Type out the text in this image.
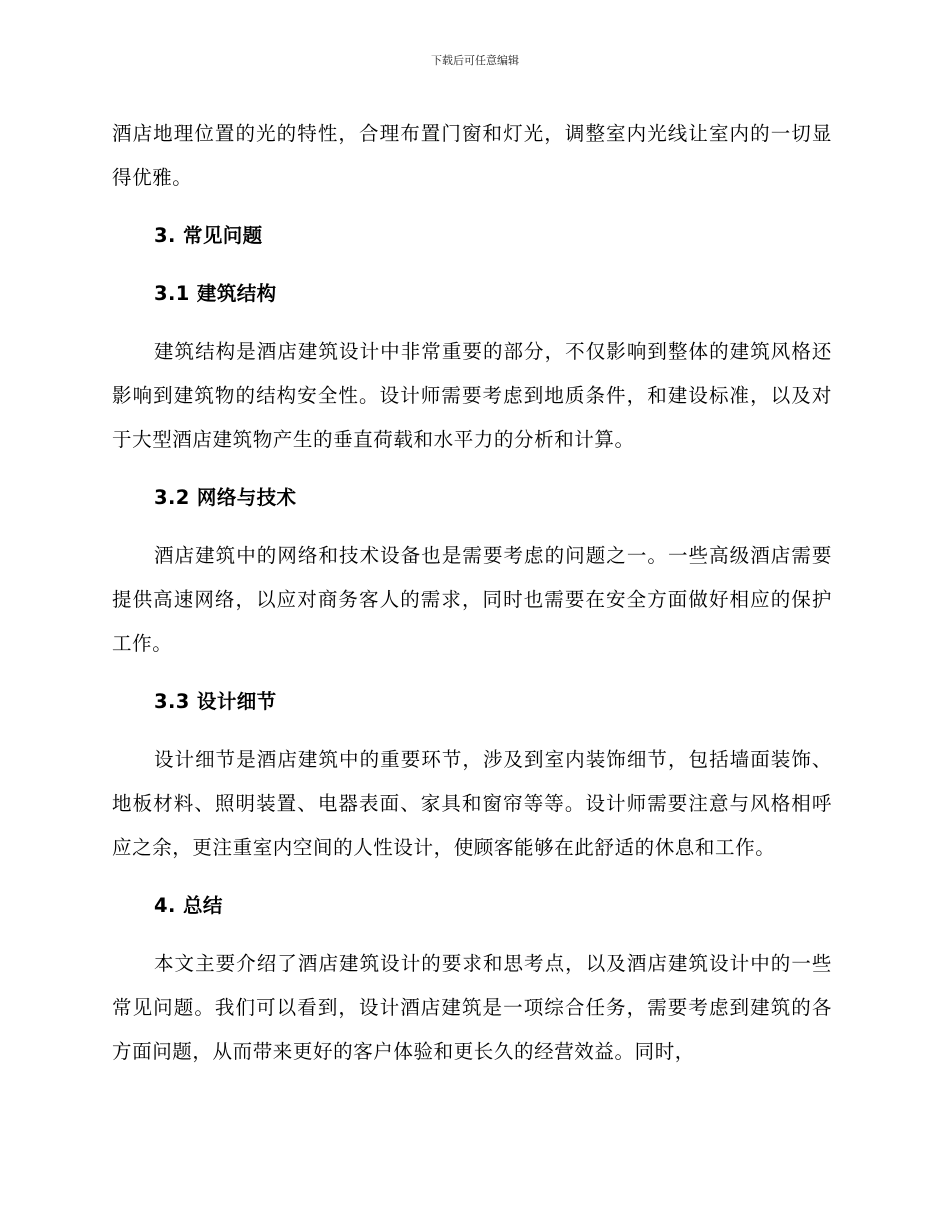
下载后可任意编辑

酒店地理位置的光的特性，合理布置门窗和灯光，调整室内光线让室内的一切显得优雅。

3. 常见问题
3.1 建筑结构

建筑结构是酒店建筑设计中非常重要的部分，不仅影响到整体的建筑风格还影响到建筑物的结构安全性。设计师需要考虑到地质条件，和建设标准，以及对于大型酒店建筑物产生的垂直荷载和水平力的分析和计算。

3.2 网络与技术

酒店建筑中的网络和技术设备也是需要考虑的问题之一。一些高级酒店需要提供高速网络，以应对商务客人的需求，同时也需要在安全方面做好相应的保护工作。

3.3 设计细节

设计细节是酒店建筑中的重要环节，涉及到室内装饰细节，包括墙面装饰、地板材料、照明装置、电器表面、家具和窗帘等等。设计师需要注意与风格相呼应之余，更注重室内空间的人性设计，使顾客能够在此舒适的休息和工作。

4. 总结

本文主要介绍了酒店建筑设计的要求和思考点，以及酒店建筑设计中的一些常见问题。我们可以看到，设计酒店建筑是一项综合任务，需要考虑到建筑的各方面问题，从而带来更好的客户体验和更长久的经营效益。同时，
